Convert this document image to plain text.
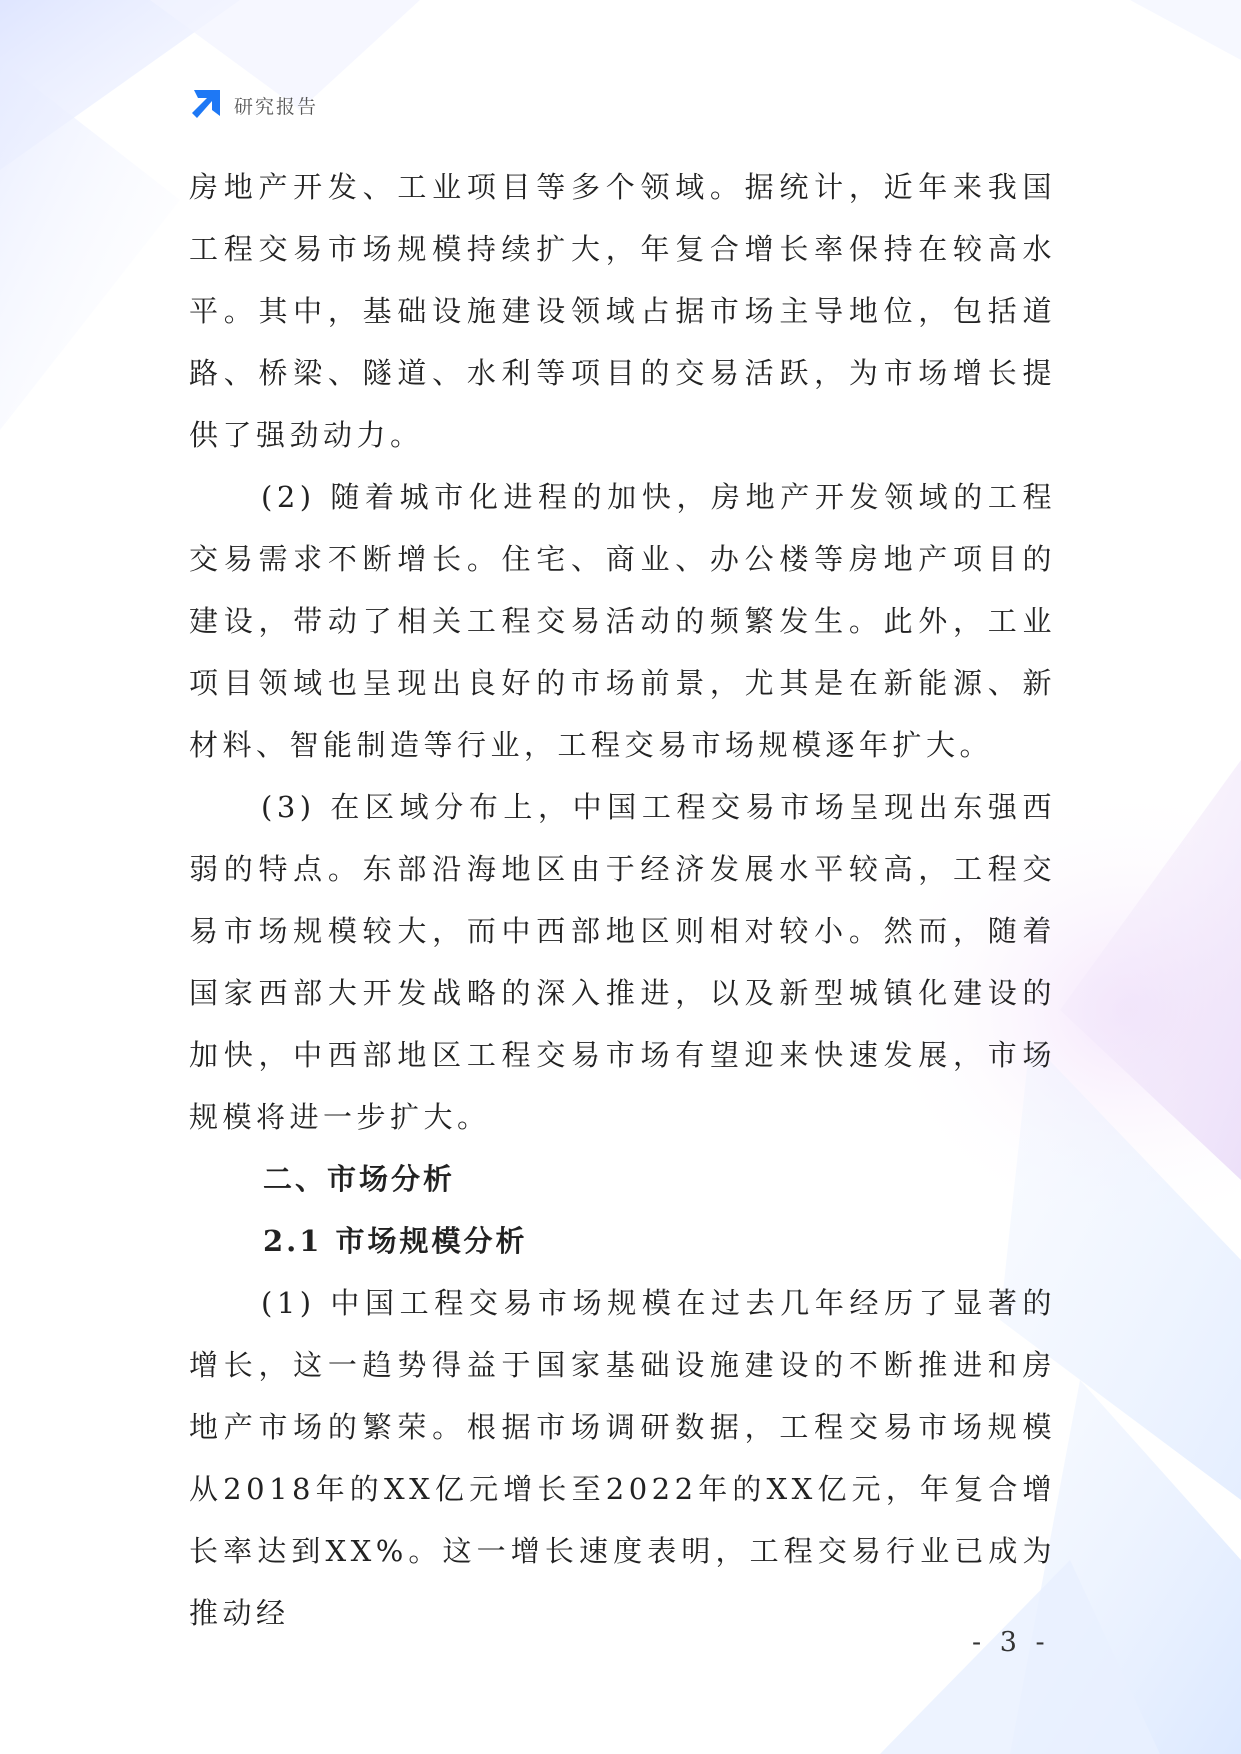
研究报告

房地产开发、工业项目等多个领域。据统计，近年来我国工程交易市场规模持续扩大，年复合增长率保持在较高水平。其中，基础设施建设领域占据市场主导地位，包括道路、桥梁、隧道、水利等项目的交易活跃，为市场增长提供了强劲动力。

(2) 随着城市化进程的加快，房地产开发领域的工程交易需求不断增长。住宅、商业、办公楼等房地产项目的建设，带动了相关工程交易活动的频繁发生。此外，工业项目领域也呈现出良好的市场前景，尤其是在新能源、新材料、智能制造等行业，工程交易市场规模逐年扩大。

(3) 在区域分布上，中国工程交易市场呈现出东强西弱的特点。东部沿海地区由于经济发展水平较高，工程交易市场规模较大，而中西部地区则相对较小。然而，随着国家西部大开发战略的深入推进，以及新型城镇化建设的加快，中西部地区工程交易市场有望迎来快速发展，市场规模将进一步扩大。

二、市场分析
2.1 市场规模分析

(1) 中国工程交易市场规模在过去几年经历了显著的增长，这一趋势得益于国家基础设施建设的不断推进和房地产市场的繁荣。根据市场调研数据，工程交易市场规模从2018年的XX亿元增长至2022年的XX亿元，年复合增长率达到XX%。这一增长速度表明，工程交易行业已成为推动经

- 3 -
